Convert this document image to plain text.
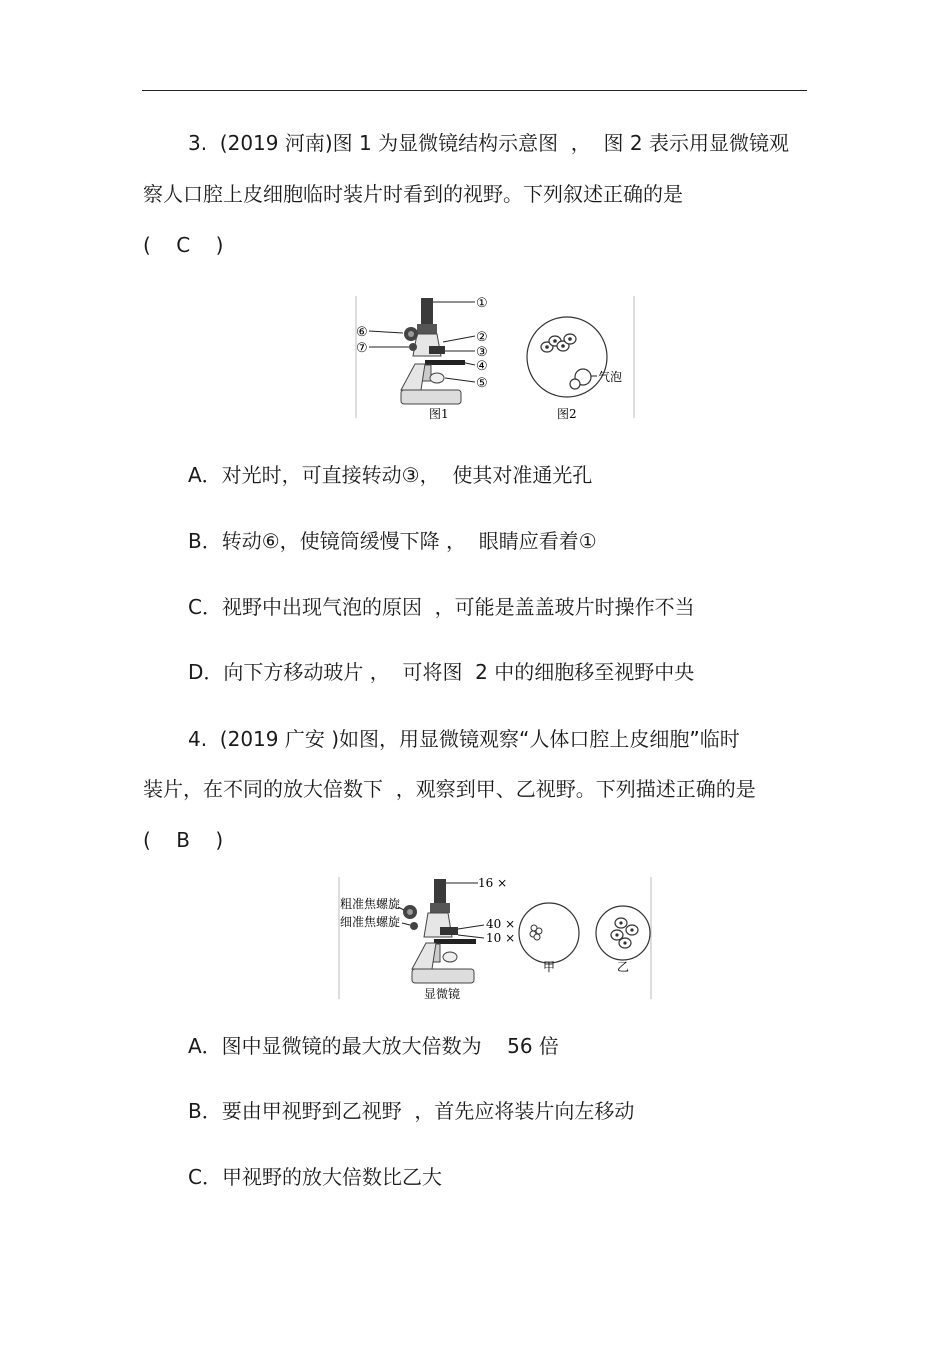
3.  (2019 河南)图 1 为显微镜结构示意图  ，  图 2 表示用显微镜观
察人口腔上皮细胞临时装片时看到的视野。下列叙述正确的是
(    C    )
①
②
③
④
⑤
⑥
⑦
气泡
图1	图2
A．对光时，可直接转动③，  使其对准通光孔
B．转动⑥，使镜筒缓慢下降 ，  眼睛应看着①
C．视野中出现气泡的原因  ，可能是盖盖玻片时操作不当
D．向下方移动玻片 ，  可将图  2 中的细胞移至视野中央
4.  (2019 广安 )如图，用显微镜观察“人体口腔上皮细胞”临时
装片，在不同的放大倍数下  ，观察到甲、乙视野。下列描述正确的是
(    B    )
16 ×
粗准焦螺旋
细准焦螺旋	40 ×
10 ×
显微镜
甲	乙
A．图中显微镜的最大放大倍数为    56 倍
B．要由甲视野到乙视野  ，首先应将装片向左移动
C．甲视野的放大倍数比乙大
